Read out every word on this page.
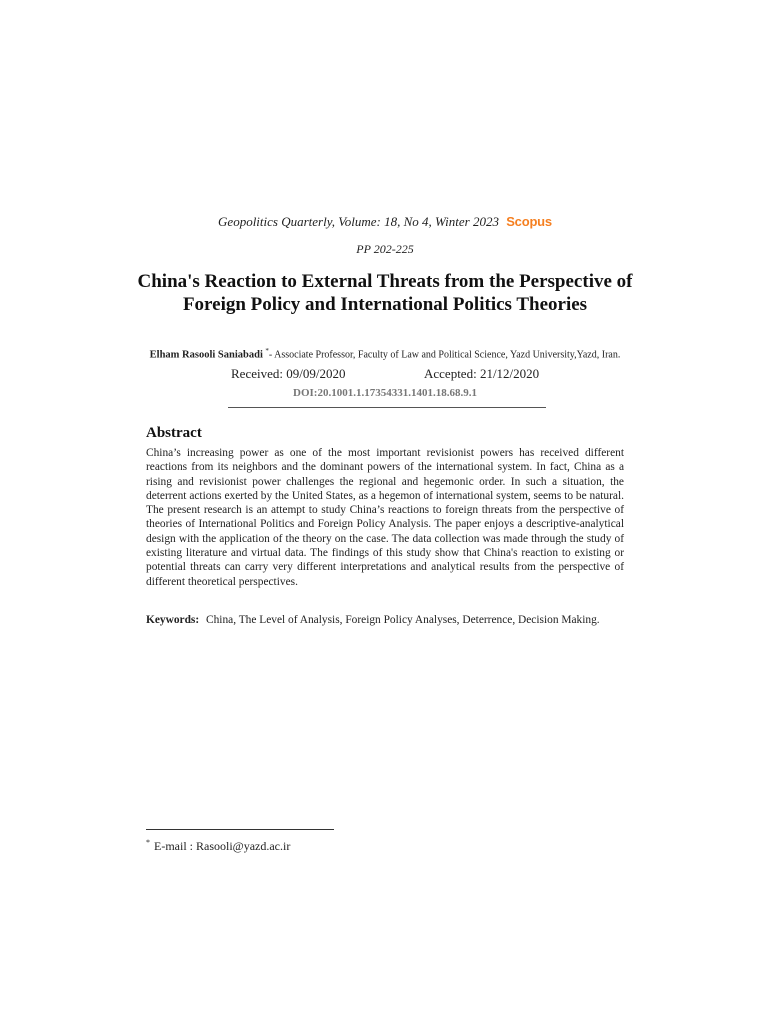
Geopolitics Quarterly, Volume: 18, No 4, Winter 2023 Scopus
PP 202-225
China's Reaction to External Threats from the Perspective of Foreign Policy and International Politics Theories
Elham Rasooli Saniabadi *- Associate Professor, Faculty of Law and Political Science, Yazd University,Yazd, Iran.
Received: 09/09/2020	Accepted: 21/12/2020
DOI:20.1001.1.17354331.1401.18.68.9.1
Abstract
China’s increasing power as one of the most important revisionist powers has received different reactions from its neighbors and the dominant powers of the international system. In fact, China as a rising and revisionist power challenges the regional and hegemonic order. In such a situation, the deterrent actions exerted by the United States, as a hegemon of international system, seems to be natural. The present research is an attempt to study China’s reactions to foreign threats from the perspective of theories of International Politics and Foreign Policy Analysis. The paper enjoys a descriptive-analytical design with the application of the theory on the case. The data collection was made through the study of existing literature and virtual data. The findings of this study show that China's reaction to existing or potential threats can carry very different interpretations and analytical results from the perspective of different theoretical perspectives.
Keywords: China, The Level of Analysis, Foreign Policy Analyses, Deterrence, Decision Making.
* E-mail : Rasooli@yazd.ac.ir
